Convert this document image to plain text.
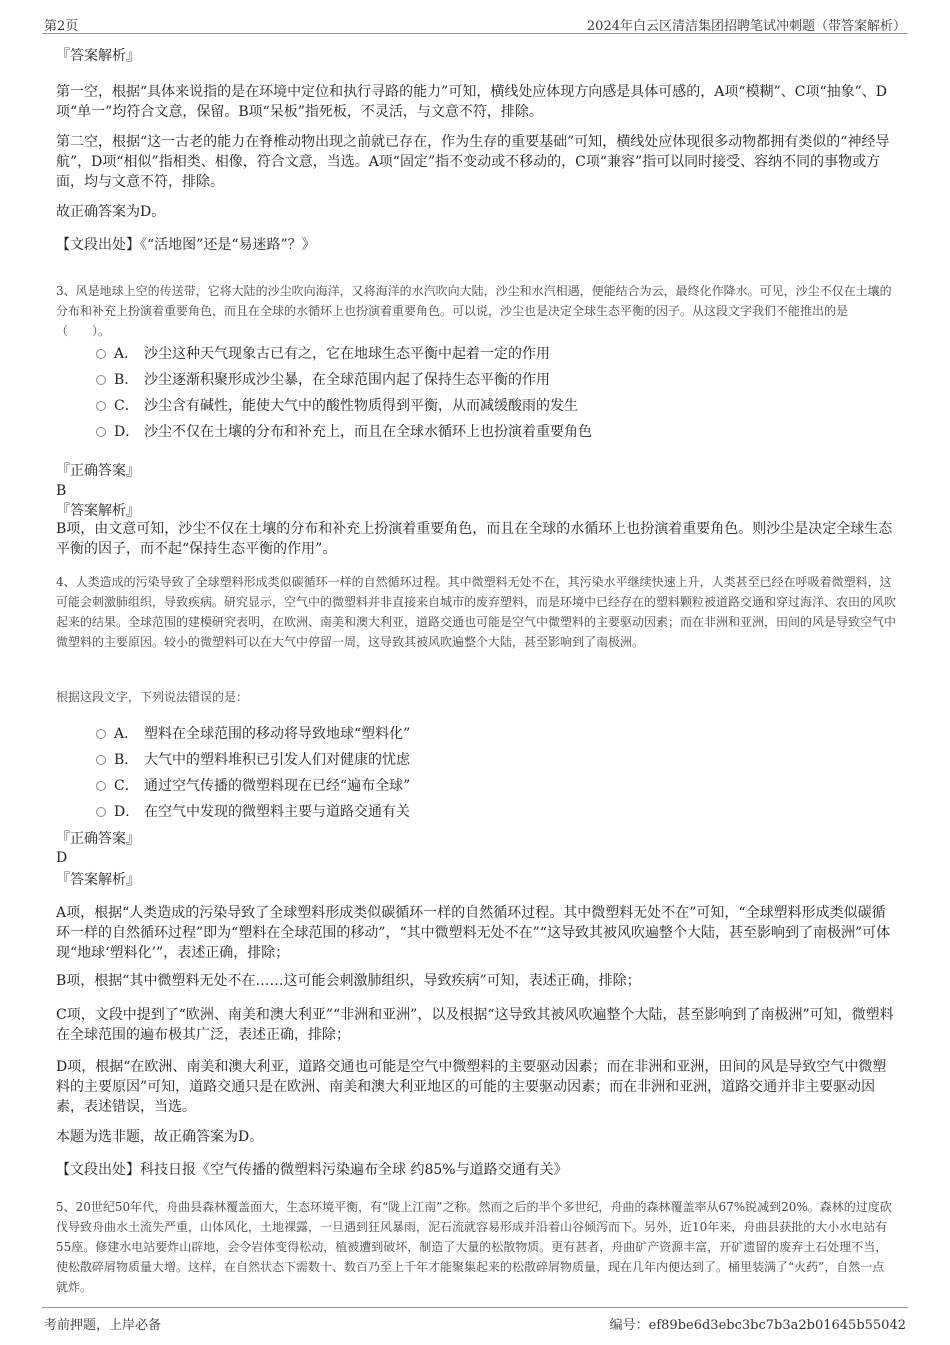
第2页	2024年白云区清洁集团招聘笔试冲刺题（带答案解析）
『答案解析』
第一空，根据“具体来说指的是在环境中定位和执行寻路的能力”可知，横线处应体现方向感是具体可感的，A项“模糊”、C项“抽象”、D项“单一”均符合文意，保留。B项“呆板”指死板，不灵活，与文意不符，排除。
第二空，根据“这一古老的能力在脊椎动物出现之前就已存在，作为生存的重要基础”可知，横线处应体现很多动物都拥有类似的“神经导航”，D项“相似”指相类、相像，符合文意，当选。A项“固定”指不变动或不移动的，C项“兼容”指可以同时接受、容纳不同的事物或方面，均与文意不符，排除。
故正确答案为D。
【文段出处】《“活地图”还是“易迷路”？》
3、风是地球上空的传送带，它将大陆的沙尘吹向海洋，又将海洋的水汽吹向大陆，沙尘和水汽相遇，便能结合为云，最终化作降水。可见，沙尘不仅在土壤的分布和补充上扮演着重要角色，而且在全球的水循环上也扮演着重要角色。可以说，沙尘也是决定全球生态平衡的因子。从这段文字我们不能推出的是（　　）。
A． 沙尘这种天气现象古已有之，它在地球生态平衡中起着一定的作用
B． 沙尘逐渐积聚形成沙尘暴，在全球范围内起了保持生态平衡的作用
C． 沙尘含有碱性，能使大气中的酸性物质得到平衡，从而减缓酸雨的发生
D． 沙尘不仅在土壤的分布和补充上，而且在全球水循环上也扮演着重要角色
『正确答案』
B
『答案解析』
B项，由文意可知，沙尘不仅在土壤的分布和补充上扮演着重要角色，而且在全球的水循环上也扮演着重要角色。则沙尘是决定全球生态平衡的因子，而不起“保持生态平衡的作用”。
4、人类造成的污染导致了全球塑料形成类似碳循环一样的自然循环过程。其中微塑料无处不在，其污染水平继续快速上升，人类甚至已经在呼吸着微塑料，这可能会刺激肺组织，导致疾病。研究显示，空气中的微塑料并非直接来自城市的废弃塑料，而是环境中已经存在的塑料颗粒被道路交通和穿过海洋、农田的风吹起来的结果。全球范围的建模研究表明，在欧洲、南美和澳大利亚，道路交通也可能是空气中微塑料的主要驱动因素；而在非洲和亚洲，田间的风是导致空气中微塑料的主要原因。较小的微塑料可以在大气中停留一周，这导致其被风吹遍整个大陆，甚至影响到了南极洲。
根据这段文字，下列说法错误的是：
A． 塑料在全球范围的移动将导致地球“塑料化”
B． 大气中的塑料堆积已引发人们对健康的忧虑
C． 通过空气传播的微塑料现在已经“遍布全球”
D． 在空气中发现的微塑料主要与道路交通有关
『正确答案』
D
『答案解析』
A项，根据“人类造成的污染导致了全球塑料形成类似碳循环一样的自然循环过程。其中微塑料无处不在”可知，“全球塑料形成类似碳循环一样的自然循环过程”即为“塑料在全球范围的移动”，“其中微塑料无处不在”“这导致其被风吹遍整个大陆，甚至影响到了南极洲”可体现“地球‘塑料化’”，表述正确，排除；
B项，根据“其中微塑料无处不在……这可能会刺激肺组织，导致疾病”可知，表述正确，排除；
C项，文段中提到了“欧洲、南美和澳大利亚”“非洲和亚洲”，以及根据“这导致其被风吹遍整个大陆，甚至影响到了南极洲”可知，微塑料在全球范围的遍布极其广泛，表述正确，排除；
D项，根据“在欧洲、南美和澳大利亚，道路交通也可能是空气中微塑料的主要驱动因素；而在非洲和亚洲，田间的风是导致空气中微塑料的主要原因”可知，道路交通只是在欧洲、南美和澳大利亚地区的可能的主要驱动因素；而在非洲和亚洲，道路交通并非主要驱动因素，表述错误，当选。
本题为选非题，故正确答案为D。
【文段出处】科技日报《空气传播的微塑料污染遍布全球 约85%与道路交通有关》
5、20世纪50年代，舟曲县森林覆盖面大，生态环境平衡，有“陇上江南”之称。然而之后的半个多世纪，舟曲的森林覆盖率从67%锐减到20%。森林的过度砍伐导致舟曲水土流失严重，山体风化，土地裸露，一旦遇到狂风暴雨，泥石流就容易形成并沿着山谷倾泻而下。另外，近10年来，舟曲县获批的大小水电站有55座。修建水电站要炸山辟地，会令岩体变得松动，植被遭到破坏，制造了大量的松散物质。更有甚者，舟曲矿产资源丰富，开矿遗留的废弃土石处理不当，使松散碎屑物质量大增。这样，在自然状态下需数十、数百乃至上千年才能聚集起来的松散碎屑物质量，现在几年内便达到了。桶里装满了“火药”，自然一点就炸。
考前押题，上岸必备	编号：ef89be6d3ebc3bc7b3a2b01645b55042
